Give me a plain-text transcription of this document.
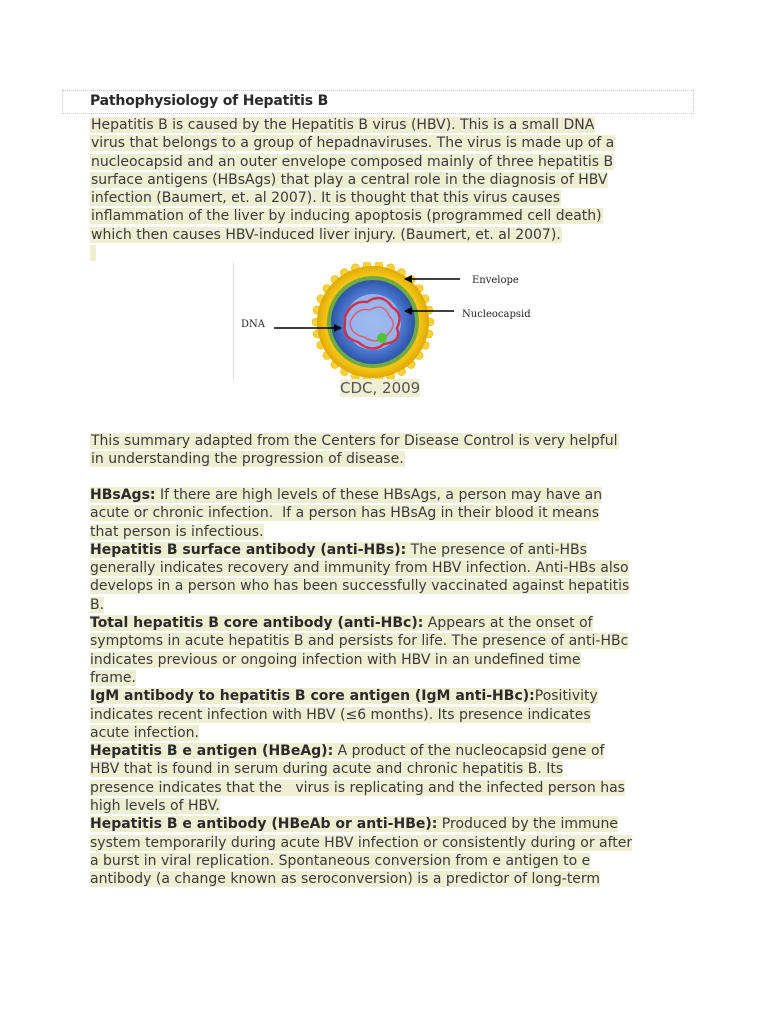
Pathophysiology of Hepatitis B
Hepatitis B is caused by the Hepatitis B virus (HBV). This is a small DNA
virus that belongs to a group of hepadnaviruses. The virus is made up of a
nucleocapsid and an outer envelope composed mainly of three hepatitis B
surface antigens (HBsAgs) that play a central role in the diagnosis of HBV
infection (Baumert, et. al 2007). It is thought that this virus causes
inflammation of the liver by inducing apoptosis (programmed cell death)
which then causes HBV-induced liver injury. (Baumert, et. al 2007).
Envelope
Nucleocapsid
DNA
CDC, 2009
This summary adapted from the Centers for Disease Control is very helpful
in understanding the progression of disease.
HBsAgs: If there are high levels of these HBsAgs, a person may have an
acute or chronic infection.  If a person has HBsAg in their blood it means
that person is infectious.
Hepatitis B surface antibody (anti-HBs): The presence of anti-HBs
generally indicates recovery and immunity from HBV infection. Anti-HBs also
develops in a person who has been successfully vaccinated against hepatitis
B.
Total hepatitis B core antibody (anti-HBc): Appears at the onset of
symptoms in acute hepatitis B and persists for life. The presence of anti-HBc
indicates previous or ongoing infection with HBV in an undefined time
frame.
IgM antibody to hepatitis B core antigen (IgM anti-HBc):Positivity
indicates recent infection with HBV (≤6 months). Its presence indicates
acute infection.
Hepatitis B e antigen (HBeAg): A product of the nucleocapsid gene of
HBV that is found in serum during acute and chronic hepatitis B. Its
presence indicates that the   virus is replicating and the infected person has
high levels of HBV.
Hepatitis B e antibody (HBeAb or anti-HBe): Produced by the immune
system temporarily during acute HBV infection or consistently during or after
a burst in viral replication. Spontaneous conversion from e antigen to e
antibody (a change known as seroconversion) is a predictor of long-term
